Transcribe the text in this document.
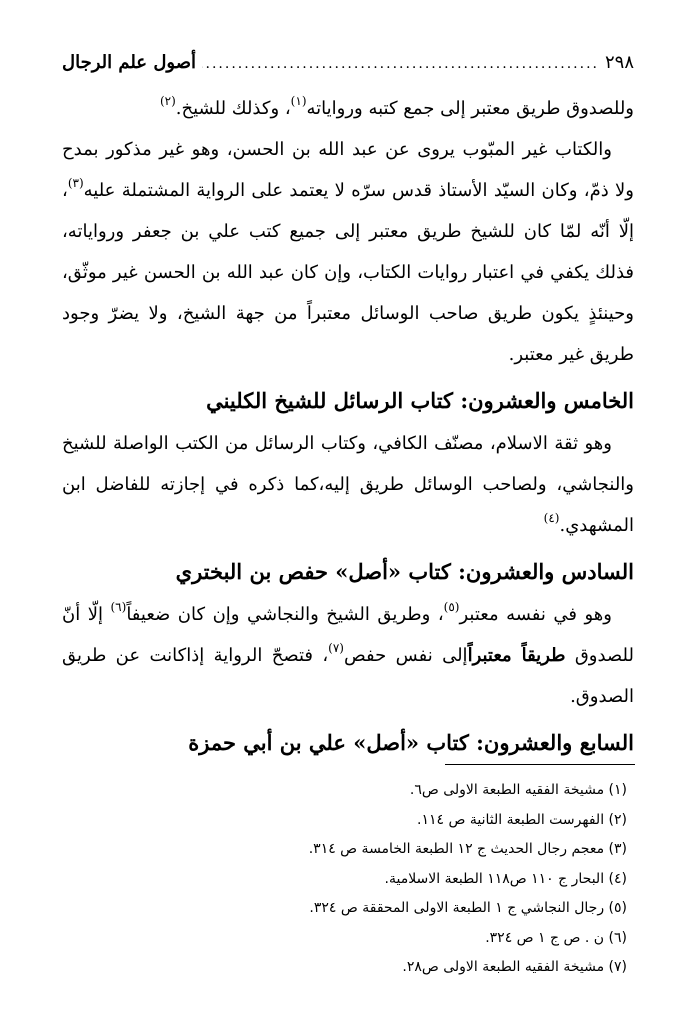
٢٩٨
.....
أصول علم الرجال

وللصدوق طريق معتبر إلى جمع كتبه ورواياته$^{(١)}$، وكذلك للشيخ.$^{(٢)}$

والكتاب غير المبّوب يروى عن عبد الله بن الحسن، وهو غير مذكور بمدح ولا ذمّ، وكان السيّد الأستاذ قدس سرّه لا يعتمد على الرواية المشتملة عليه$^{(٣)}$، إلّا أنّه لمّا كان للشيخ طريق معتبر إلى جميع كتب علي بن جعفر ورواياته، فذلك يكفي في اعتبار روايات الكتاب، وإن كان عبد الله بن الحسن غير موثّق، وحينئذٍ يكون طريق صاحب الوسائل معتبراً من جهة الشيخ، ولا يضرّ وجود طريق غير معتبر.

الخامس والعشرون: كتاب الرسائل للشيخ الكليني

وهو ثقة الاسلام، مصنّف الكافي، وكتاب الرسائل من الكتب الواصلة للشيخ والنجاشي، ولصاحب الوسائل طريق إليه،كما ذكره في إجازته للفاضل ابن المشهدي.$^{(٤)}$

السادس والعشرون: كتاب «أصل» حفص بن البختري

وهو في نفسه معتبر$^{(٥)}$، وطريق الشيخ والنجاشي وإن كان ضعيفاً$^{(٦)}$ إلّا أنّ للصدوق طريقاً معتبراًإلى نفس حفص$^{(٧)}$، فتصحّ الرواية إذاكانت عن طريق الصدوق.

السابع والعشرون: كتاب «أصل» علي بن أبي حمزة
(١) مشيخة الفقيه الطبعة الاولى ص٦.
(٢) الفهرست الطبعة الثانية ص ١١٤.
(٣) معجم رجال الحديث ج ١٢ الطبعة الخامسة ص ٣١٤.
(٤) البحار ج ١١٠ ص١١٨ الطبعة الاسلامية.
(٥) رجال النجاشي ج ١ الطبعة الاولى المحققة ص ٣٢٤.
(٦) ن . ص ج ١ ص ٣٢٤.
(٧) مشيخة الفقيه الطبعة الاولى ص٢٨.
